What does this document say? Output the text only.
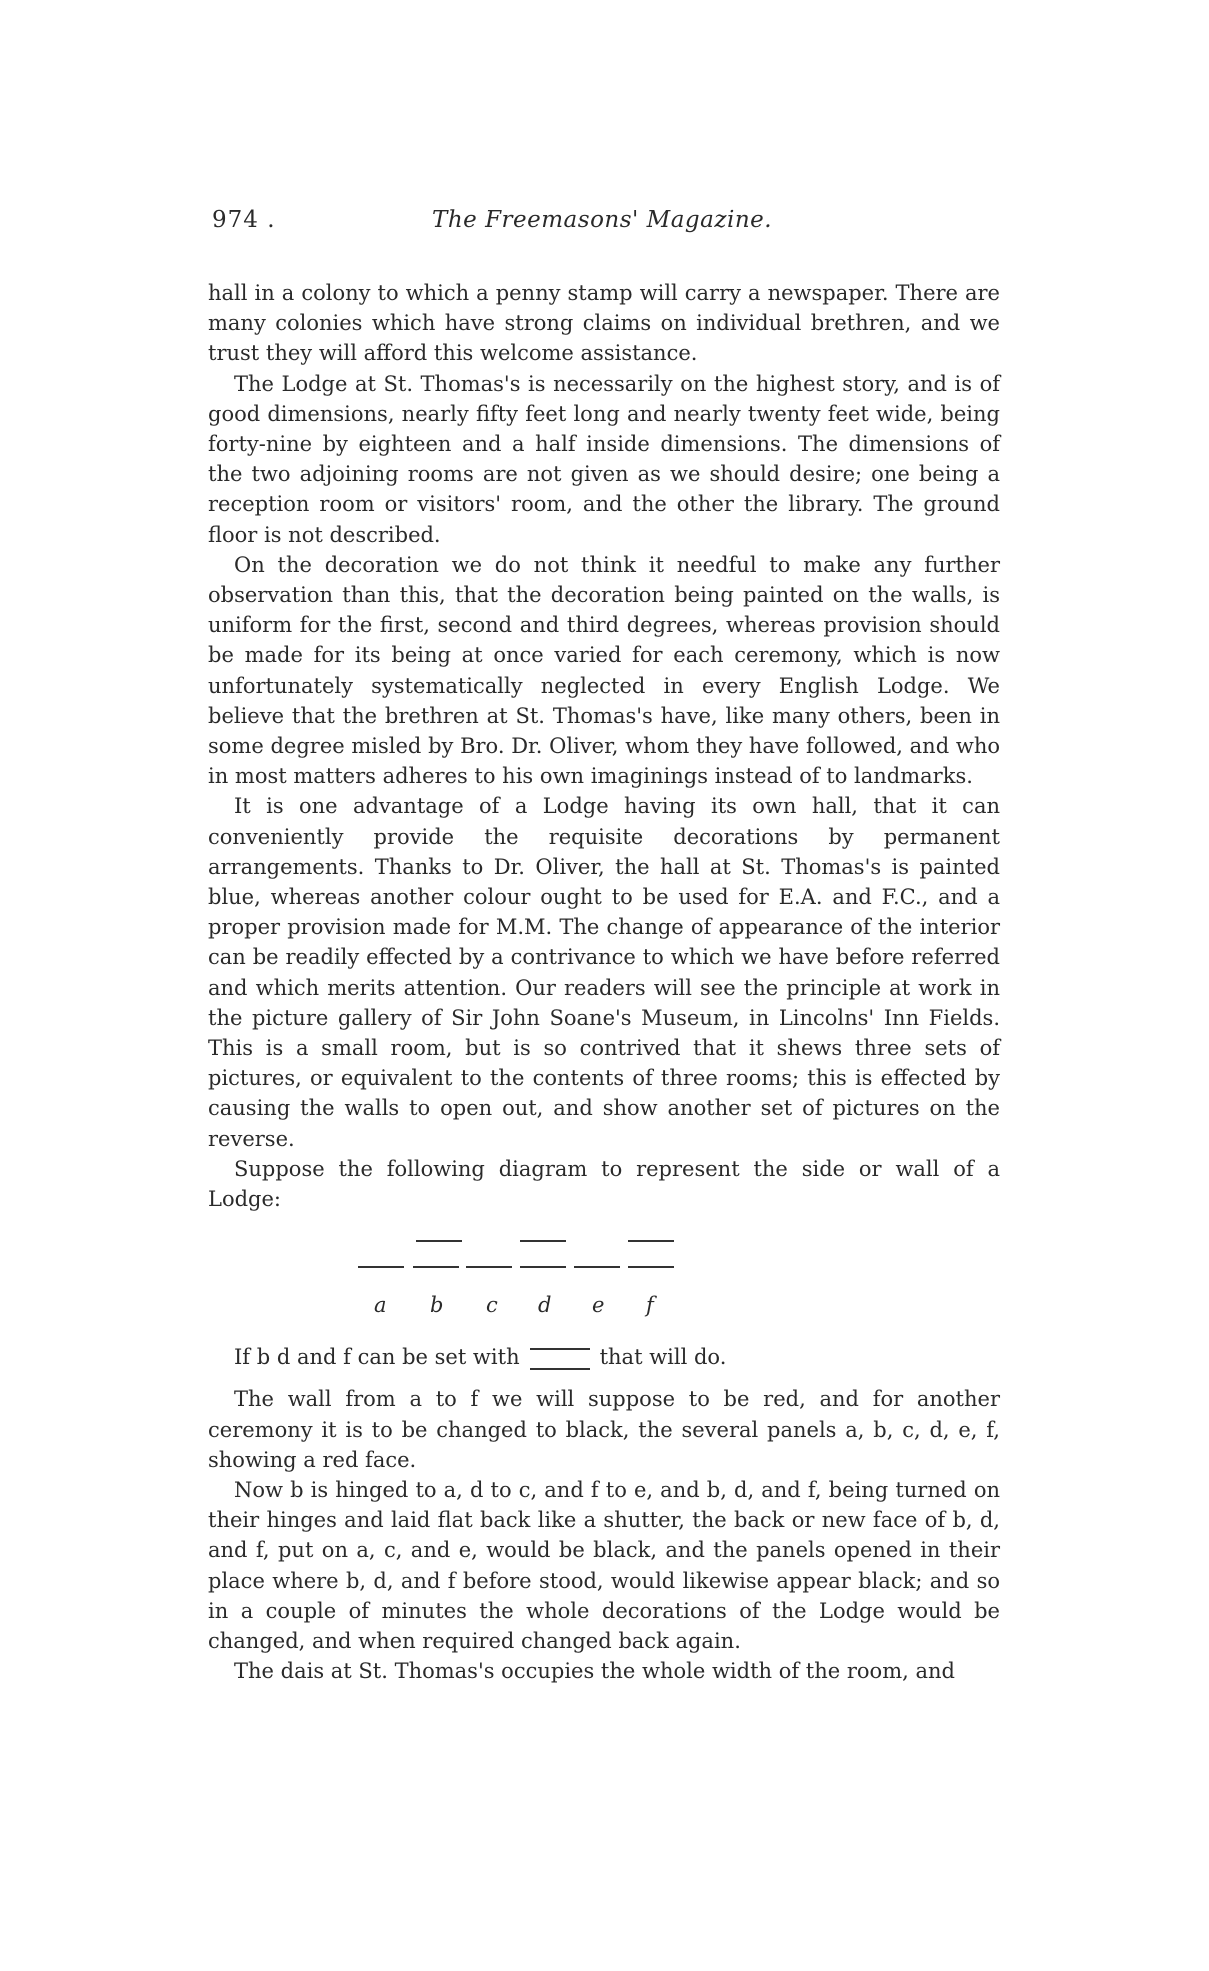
974 .	The Freemasons' Magazine.

hall in a colony to which a penny stamp will carry a newspaper. There are many colonies which have strong claims on individual brethren, and we trust they will afford this welcome assistance.

The Lodge at St. Thomas's is necessarily on the highest story, and is of good dimensions, nearly fifty feet long and nearly twenty feet wide, being forty-nine by eighteen and a half inside dimensions. The dimensions of the two adjoining rooms are not given as we should desire; one being a reception room or visitors' room, and the other the library. The ground floor is not described.

On the decoration we do not think it needful to make any further observation than this, that the decoration being painted on the walls, is uniform for the first, second and third degrees, whereas provision should be made for its being at once varied for each ceremony, which is now unfortunately systematically neglected in every English Lodge. We believe that the brethren at St. Thomas's have, like many others, been in some degree misled by Bro. Dr. Oliver, whom they have followed, and who in most matters adheres to his own imaginings instead of to landmarks.

It is one advantage of a Lodge having its own hall, that it can conveniently provide the requisite decorations by permanent arrangements. Thanks to Dr. Oliver, the hall at St. Thomas's is painted blue, whereas another colour ought to be used for E.A. and F.C., and a proper provision made for M.M. The change of appearance of the interior can be readily effected by a contrivance to which we have before referred and which merits attention. Our readers will see the principle at work in the picture gallery of Sir John Soane's Museum, in Lincolns' Inn Fields. This is a small room, but is so contrived that it shews three sets of pictures, or equivalent to the contents of three rooms; this is effected by causing the walls to open out, and show another set of pictures on the reverse.

Suppose the following diagram to represent the side or wall of a Lodge:

a b c d e f
If b d and f can be set with	that will do.

The wall from a to f we will suppose to be red, and for another ceremony it is to be changed to black, the several panels a, b, c, d, e, f, showing a red face.

Now b is hinged to a, d to c, and f to e, and b, d, and f, being turned on their hinges and laid flat back like a shutter, the back or new face of b, d, and f, put on a, c, and e, would be black, and the panels opened in their place where b, d, and f before stood, would likewise appear black; and so in a couple of minutes the whole decorations of the Lodge would be changed, and when required changed back again.

The dais at St. Thomas's occupies the whole width of the room, and
